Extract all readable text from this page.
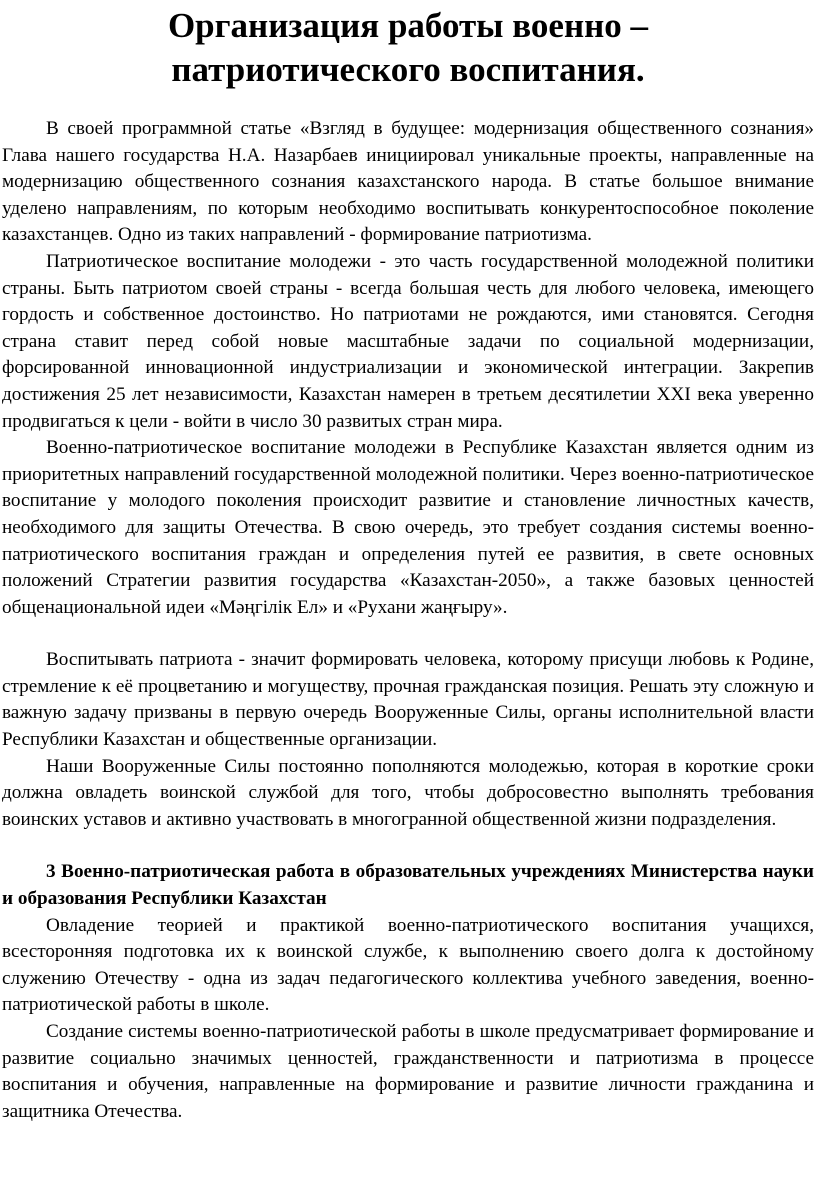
Организация работы военно –
патриотического воспитания.

В своей программной статье «Взгляд в будущее: модернизация общественного сознания» Глава нашего государства Н.А. Назарбаев инициировал уникальные проекты, направленные на модернизацию общественного сознания казахстанского народа. В статье большое внимание уделено направлениям, по которым необходимо воспитывать конкурентоспособное поколение казахстанцев. Одно из таких направлений - формирование патриотизма.

Патриотическое воспитание молодежи - это часть государственной молодежной политики страны. Быть патриотом своей страны - всегда большая честь для любого человека, имеющего гордость и собственное достоинство. Но патриотами не рождаются, ими становятся. Сегодня страна ставит перед собой новые масштабные задачи по социальной модернизации, форсированной инновационной индустриализации и экономической интеграции. Закрепив достижения 25 лет независимости, Казахстан намерен в третьем десятилетии XXI века уверенно продвигаться к цели - войти в число 30 развитых стран мира.

Военно-патриотическое воспитание молодежи в Республике Казахстан является одним из приоритетных направлений государственной молодежной политики. Через военно-патриотическое воспитание у молодого поколения происходит развитие и становление личностных качеств, необходимого для защиты Отечества. В свою очередь, это требует создания системы военно-патриотического воспитания граждан и определения путей ее развития, в свете основных положений Стратегии развития государства «Казахстан-2050», а также базовых ценностей общенациональной идеи «Мәңгілік Ел» и «Рухани жаңғыру».

Воспитывать патриота - значит формировать человека, которому присущи любовь к Родине, стремление к её процветанию и могуществу, прочная гражданская позиция. Решать эту сложную и важную задачу призваны в первую очередь Вооруженные Силы, органы исполнительной власти Республики Казахстан и общественные организации.

Наши Вооруженные Силы постоянно пополняются молодежью, которая в короткие сроки должна овладеть воинской службой для того, чтобы добросовестно выполнять требования воинских уставов и активно участвовать в многогранной общественной жизни подразделения.

3 Военно-патриотическая работа в образовательных учреждениях Министерства науки и образования Республики Казахстан

Овладение теорией и практикой военно-патриотического воспитания учащихся, всесторонняя подготовка их к воинской службе, к выполнению своего долга к достойному служению Отечеству - одна из задач педагогического коллектива учебного заведения, военно-патриотической работы в школе.

Создание системы военно-патриотической работы в школе предусматривает формирование и развитие социально значимых ценностей, гражданственности и патриотизма в процессе воспитания и обучения, направленные на формирование и развитие личности гражданина и защитника Отечества.
